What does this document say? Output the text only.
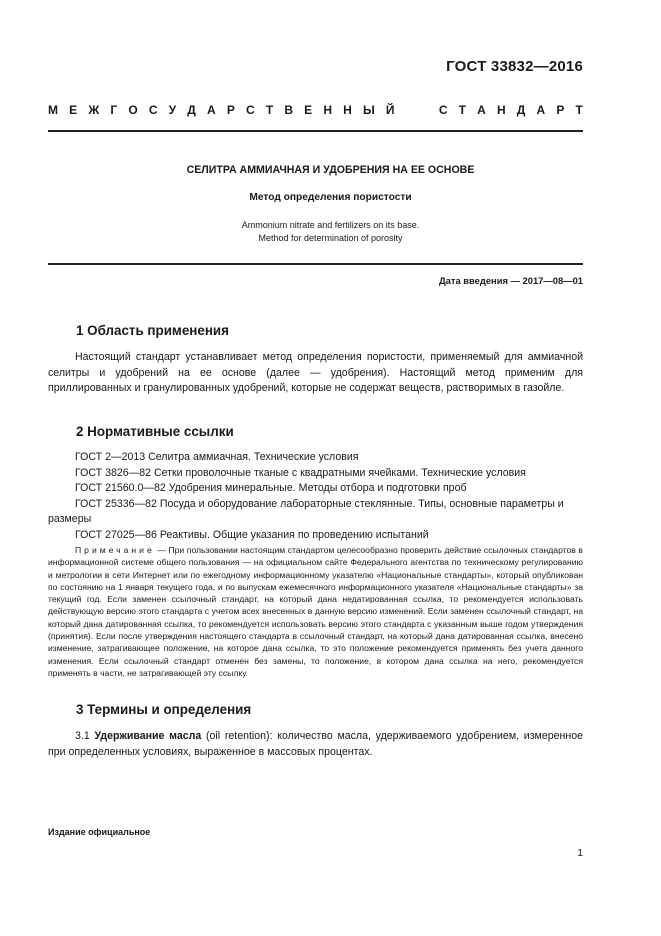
ГОСТ 33832—2016
М Е Ж Г О С У Д А Р С Т В Е Н Н Ы Й	С Т А Н Д А Р Т
СЕЛИТРА АММИАЧНАЯ И УДОБРЕНИЯ НА ЕЕ ОСНОВЕ
Метод определения пористости
Ammonium nitrate and fertilizers on its base.
Method for determination of porosity
Дата введения — 2017—08—01
1 Область применения
Настоящий стандарт устанавливает метод определения пористости, применяемый для аммиачной селитры и удобрений на ее основе (далее — удобрения). Настоящий метод применим для приллированных и гранулированных удобрений, которые не содержат веществ, растворимых в газойле.
2 Нормативные ссылки
ГОСТ 2—2013 Селитра аммиачная. Технические условия
ГОСТ 3826—82 Сетки проволочные тканые с квадратными ячейками. Технические условия
ГОСТ 21560.0—82 Удобрения минеральные. Методы отбора и подготовки проб
ГОСТ 25336—82 Посуда и оборудование лабораторные стеклянные. Типы, основные параметры и размеры
ГОСТ 27025—86 Реактивы. Общие указания по проведению испытаний
Примечание — При пользовании настоящим стандартом целесообразно проверить действие ссылочных стандартов в информационной системе общего пользования — на официальном сайте Федерального агентства по техническому регулированию и метрологии в сети Интернет или по ежегодному информационному указателю «Национальные стандарты», который опубликован по состоянию на 1 января текущего года, и по выпускам ежемесячного информационного указателя «Национальные стандарты» за текущий год. Если заменен ссылочный стандарт, на который дана недатированная ссылка, то рекомендуется использовать действующую версию этого стандарта с учетом всех внесенных в данную версию изменений. Если заменен ссылочный стандарт, на который дана датированная ссылка, то рекомендуется использовать версию этого стандарта с указанным выше годом утверждения (принятия). Если после утверждения настоящего стандарта в ссылочный стандарт, на который дана датированная ссылка, внесено изменение, затрагивающее положение, на которое дана ссылка, то это положение рекомендуется применять без учета данного изменения. Если ссылочный стандарт отменен без замены, то положение, в котором дана ссылка на него, рекомендуется применять в части, не затрагивающей эту ссылку.
3 Термины и определения
3.1 Удерживание масла (oil retention): количество масла, удерживаемого удобрением, измеренное при определенных условиях, выраженное в массовых процентах.
Издание официальное
1
